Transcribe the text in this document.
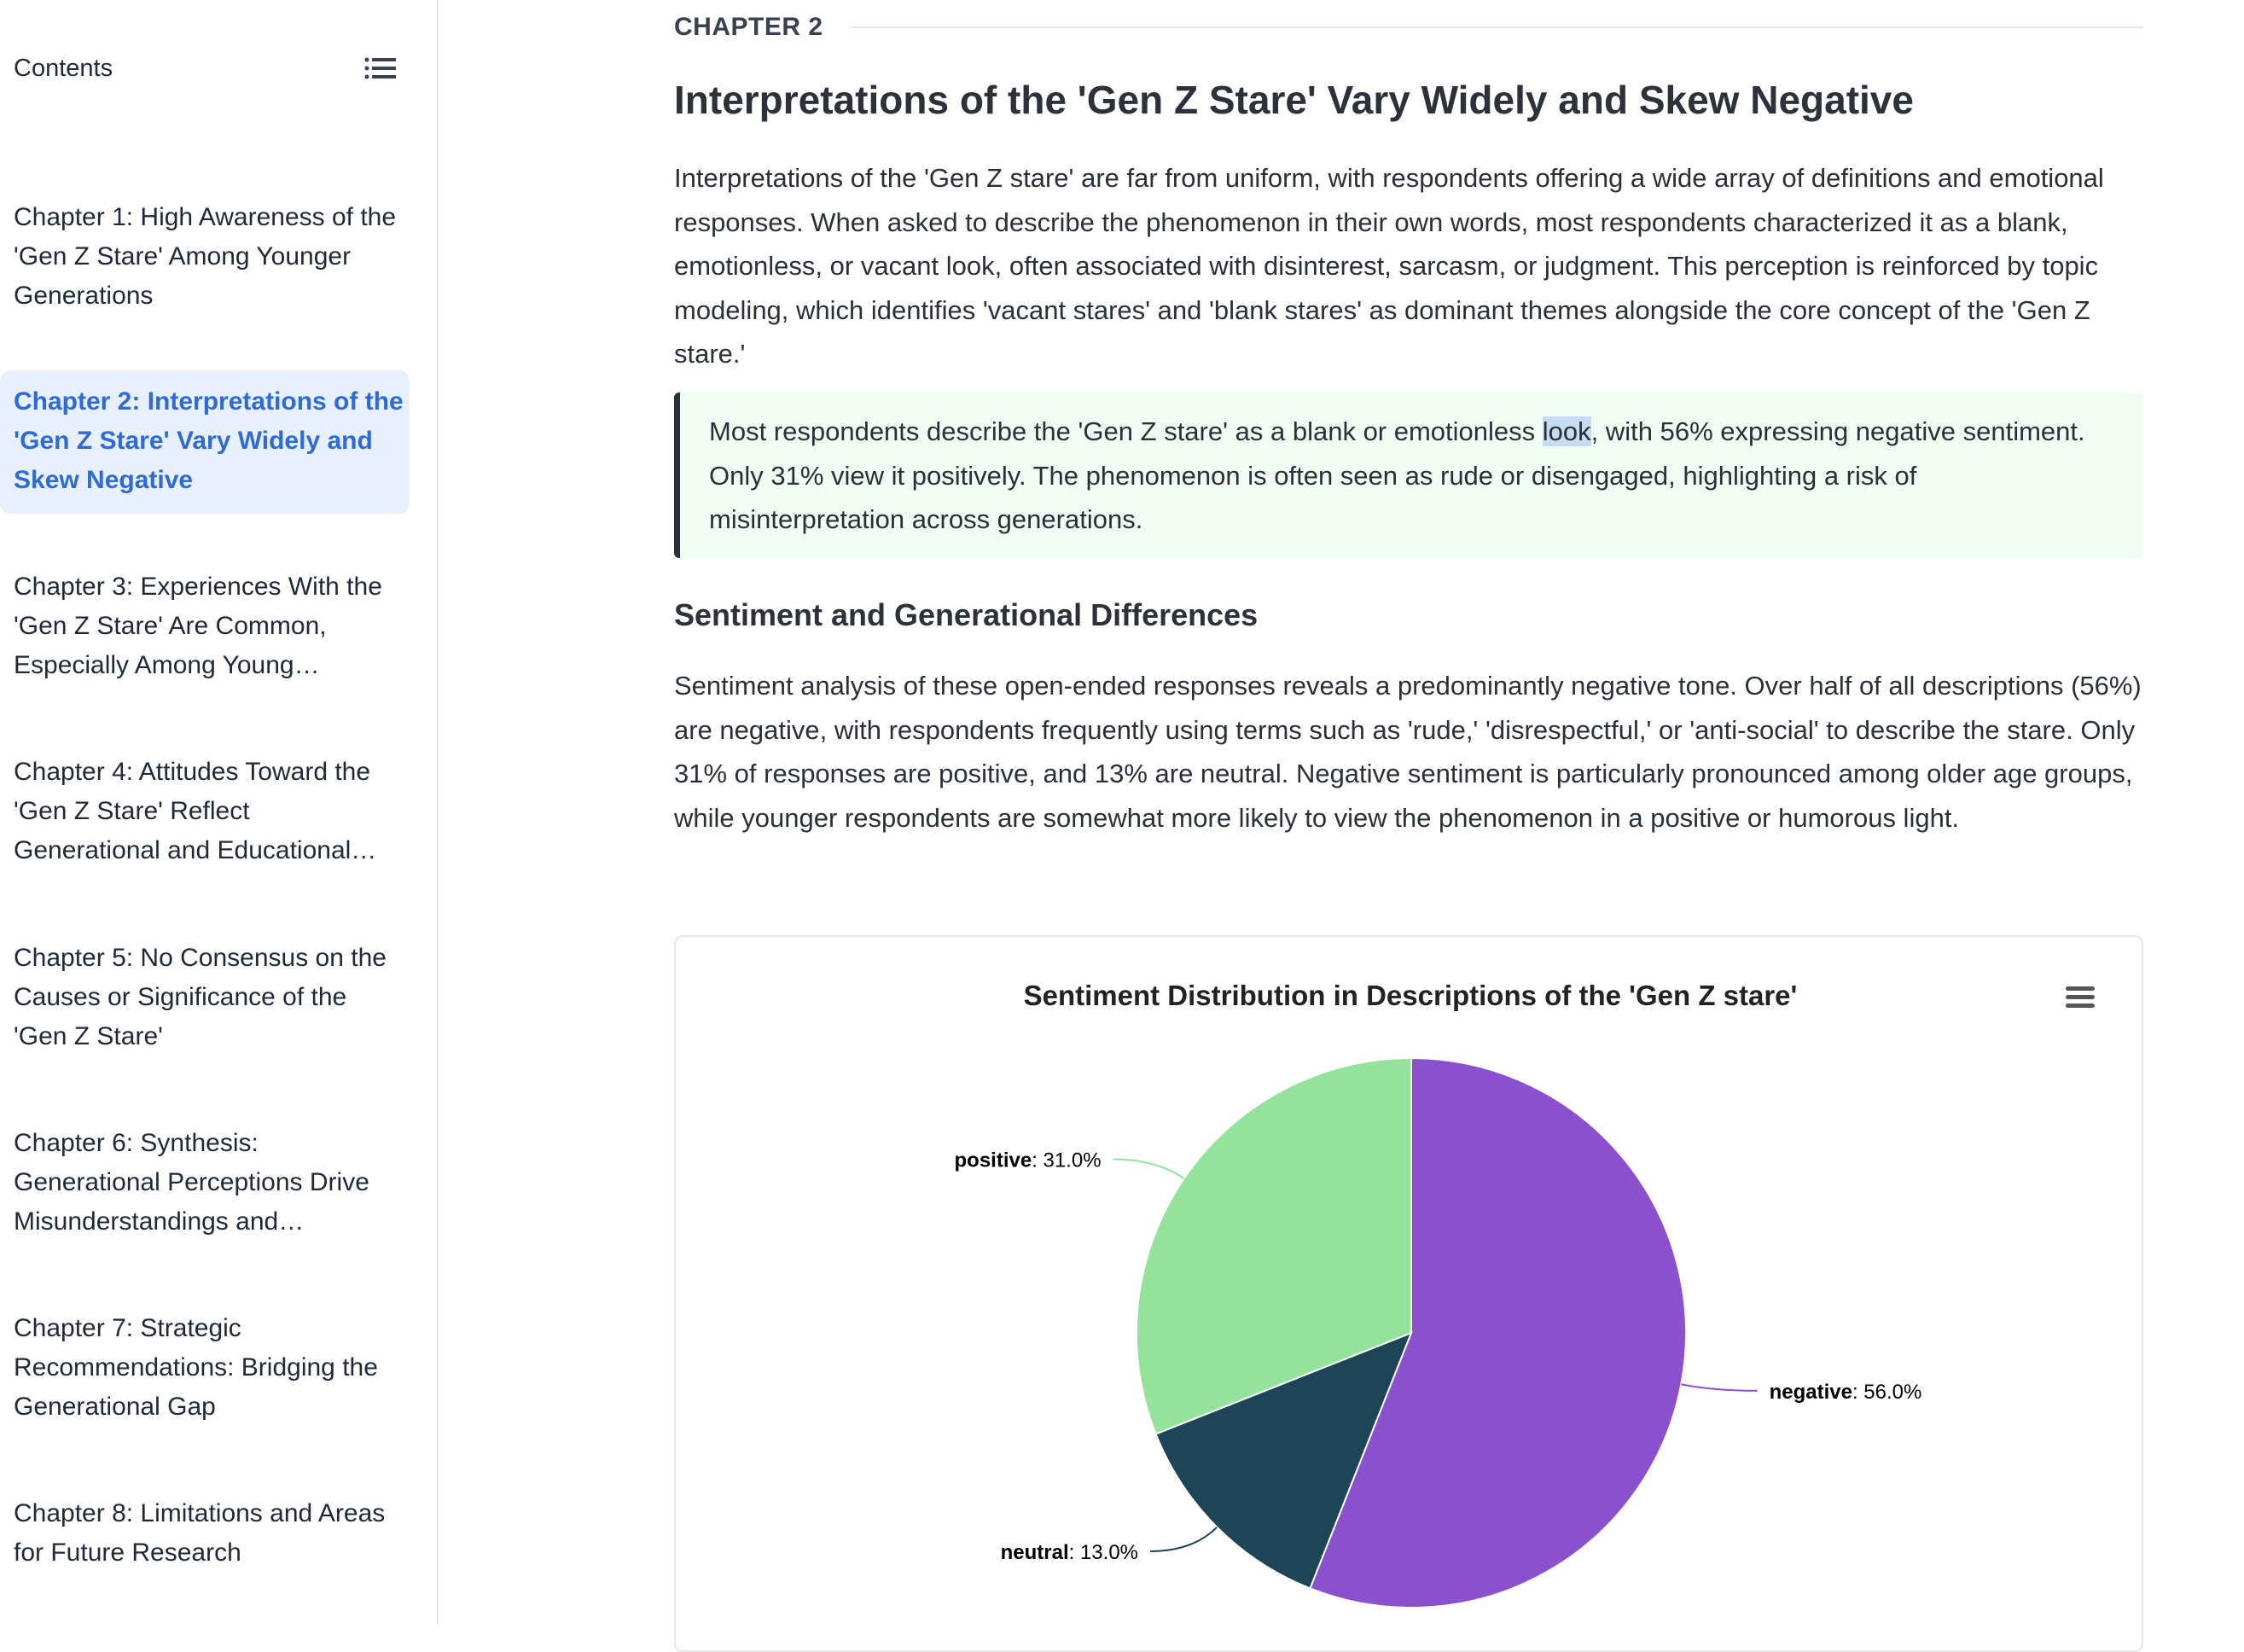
Contents
Chapter 1: High Awareness of the 'Gen Z Stare' Among Younger Generations
Chapter 2: Interpretations of the 'Gen Z Stare' Vary Widely and Skew Negative
Chapter 3: Experiences With the 'Gen Z Stare' Are Common, Especially Among Young…
Chapter 4: Attitudes Toward the 'Gen Z Stare' Reflect Generational and Educational…
Chapter 5: No Consensus on the Causes or Significance of the 'Gen Z Stare'
Chapter 6: Synthesis: Generational Perceptions Drive Misunderstandings and…
Chapter 7: Strategic Recommendations: Bridging the Generational Gap
Chapter 8: Limitations and Areas for Future Research
CHAPTER 2
Interpretations of the 'Gen Z Stare' Vary Widely and Skew Negative

Interpretations of the 'Gen Z stare' are far from uniform, with respondents offering a wide array of definitions and emotional responses. When asked to describe the phenomenon in their own words, most respondents characterized it as a blank, emotionless, or vacant look, often associated with disinterest, sarcasm, or judgment. This perception is reinforced by topic modeling, which identifies 'vacant stares' and 'blank stares' as dominant themes alongside the core concept of the 'Gen Z stare.'

Most respondents describe the 'Gen Z stare' as a blank or emotionless look, with 56% expressing negative sentiment. Only 31% view it positively. The phenomenon is often seen as rude or disengaged, highlighting a risk of misinterpretation across generations.
Sentiment and Generational Differences

Sentiment analysis of these open-ended responses reveals a predominantly negative tone. Over half of all descriptions (56%) are negative, with respondents frequently using terms such as 'rude,' 'disrespectful,' or 'anti-social' to describe the stare. Only 31% of responses are positive, and 13% are neutral. Negative sentiment is particularly pronounced among older age groups, while younger respondents are somewhat more likely to view the phenomenon in a positive or humorous light.

Sentiment Distribution in Descriptions of the 'Gen Z stare'
negative: 56.0%
neutral: 13.0%
positive: 31.0%
